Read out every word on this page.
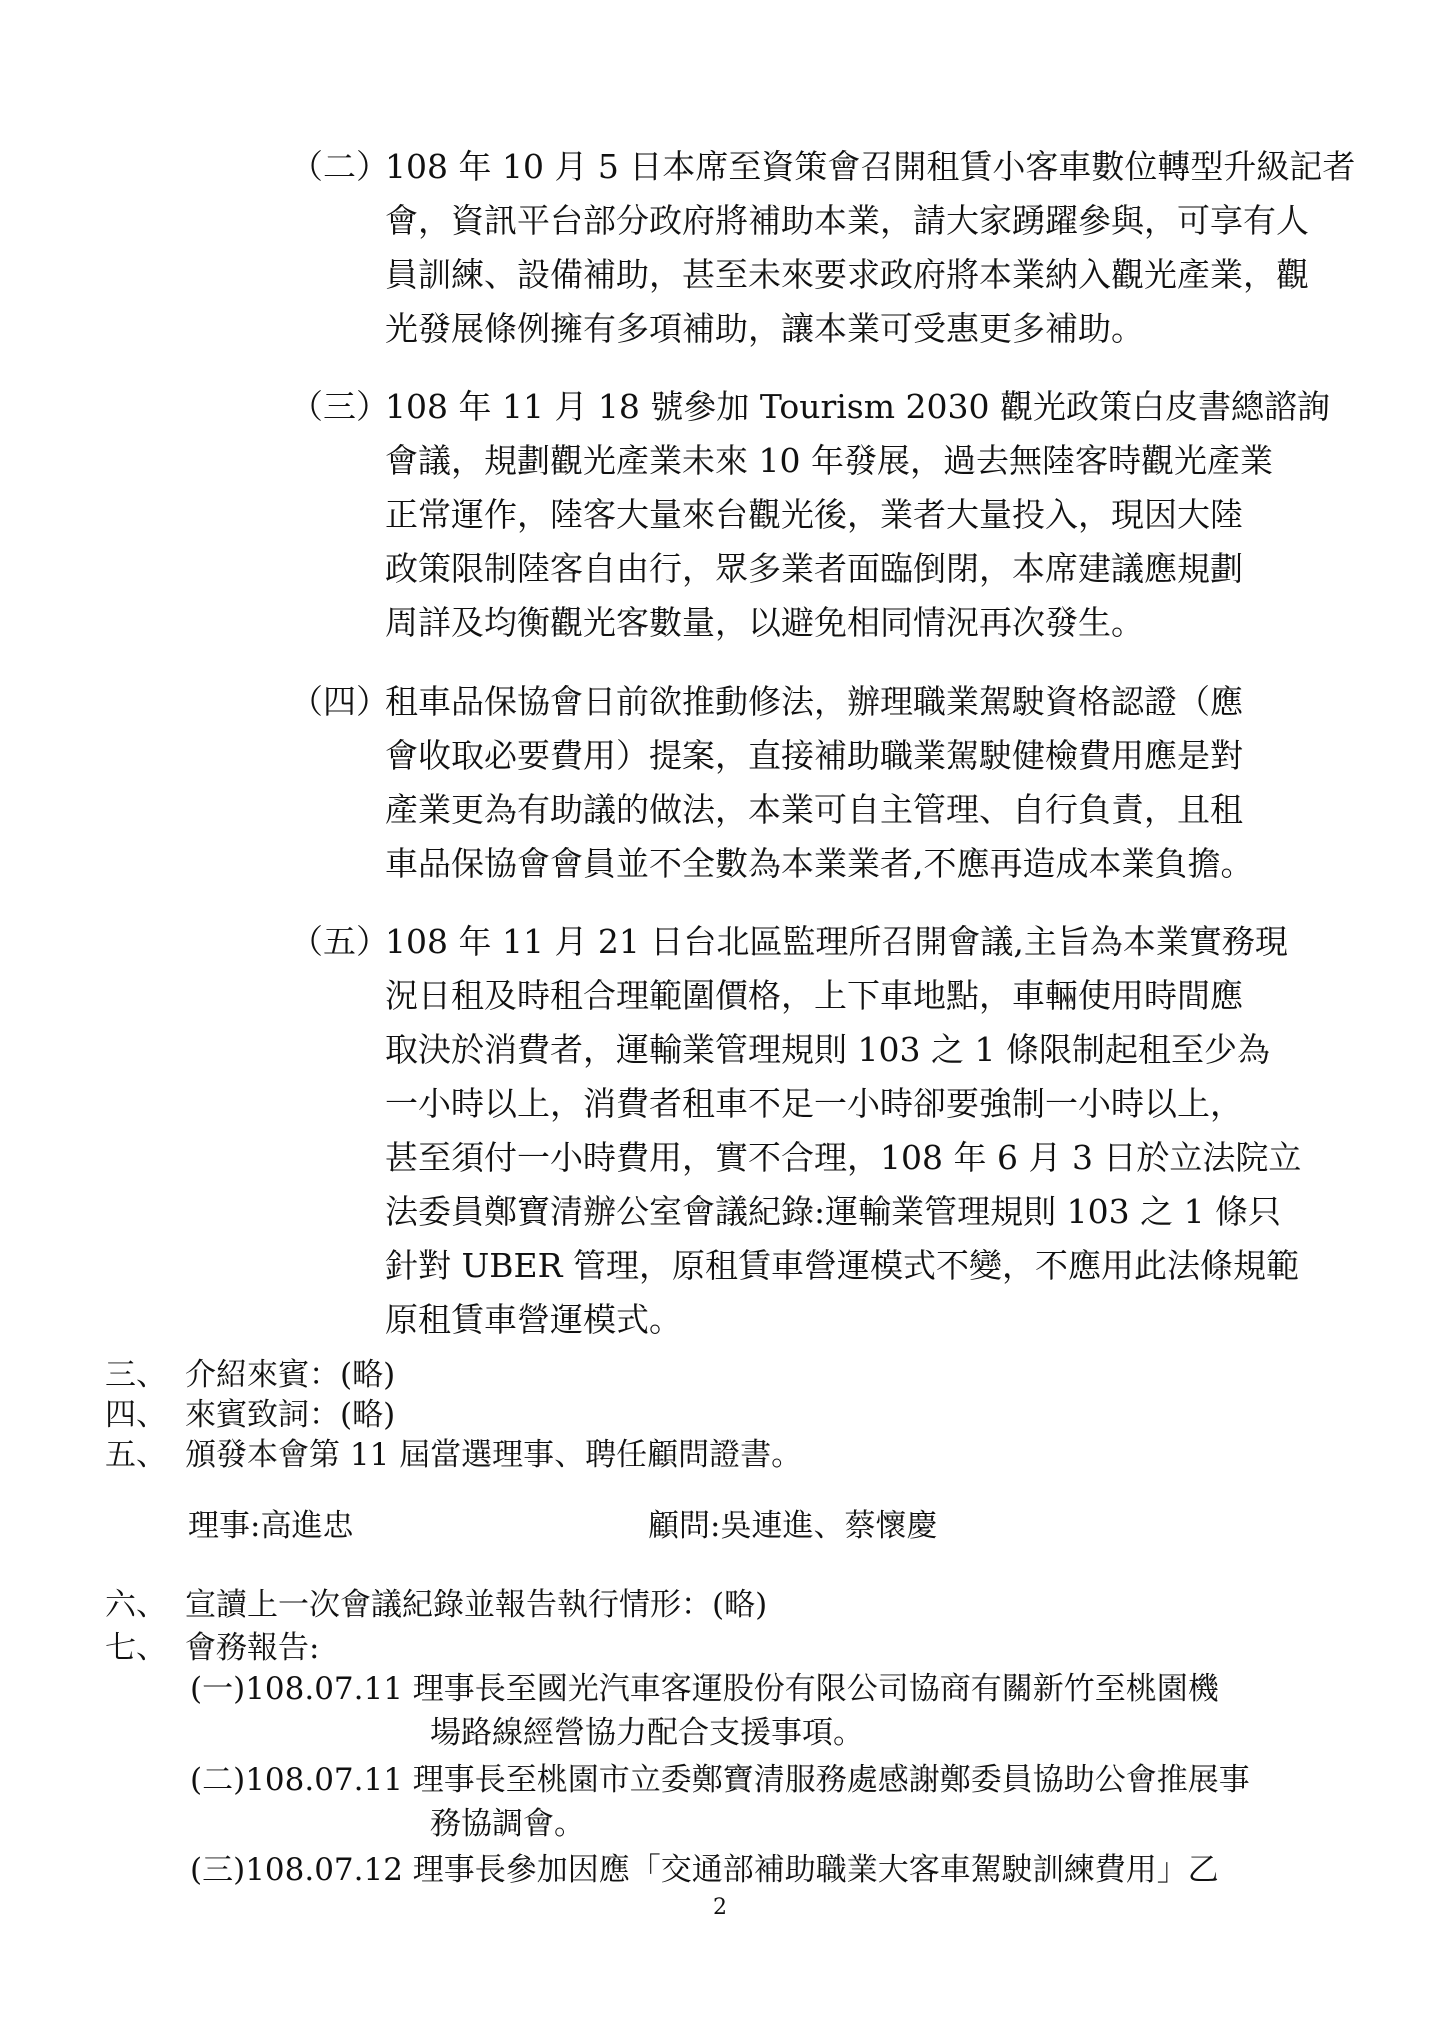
（二）
108 年 10 月 5 日本席至資策會召開租賃小客車數位轉型升級記者
會，資訊平台部分政府將補助本業，請大家踴躍參與，可享有人
員訓練、設備補助，甚至未來要求政府將本業納入觀光產業，觀
光發展條例擁有多項補助，讓本業可受惠更多補助。
（三）
108 年 11 月 18 號參加 Tourism 2030 觀光政策白皮書總諮詢
會議，規劃觀光產業未來 10 年發展，過去無陸客時觀光產業
正常運作，陸客大量來台觀光後，業者大量投入，現因大陸
政策限制陸客自由行，眾多業者面臨倒閉，本席建議應規劃
周詳及均衡觀光客數量，以避免相同情況再次發生。
（四）
租車品保協會日前欲推動修法，辦理職業駕駛資格認證（應
會收取必要費用）提案，直接補助職業駕駛健檢費用應是對
產業更為有助議的做法，本業可自主管理、自行負責，且租
車品保協會會員並不全數為本業業者,不應再造成本業負擔。
（五）
108 年 11 月 21 日台北區監理所召開會議,主旨為本業實務現
況日租及時租合理範圍價格，上下車地點，車輛使用時間應
取決於消費者，運輸業管理規則 103 之 1 條限制起租至少為
一小時以上，消費者租車不足一小時卻要強制一小時以上，
甚至須付一小時費用，實不合理，108 年 6 月 3 日於立法院立
法委員鄭寶清辦公室會議紀錄:運輸業管理規則 103 之 1 條只
針對 UBER 管理，原租賃車營運模式不變，不應用此法條規範
原租賃車營運模式。
三、 介紹來賓：(略)
四、 來賓致詞：(略)
五、 頒發本會第 11 屆當選理事、聘任顧問證書。
理事:高進忠	顧問:吳連進、蔡懷慶
六、 宣讀上一次會議紀錄並報告執行情形：(略)
七、 會務報告:
(一)108.07.11 理事長至國光汽車客運股份有限公司協商有關新竹至桃園機
場路線經營協力配合支援事項。
(二)108.07.11 理事長至桃園市立委鄭寶清服務處感謝鄭委員協助公會推展事
務協調會。
(三)108.07.12 理事長參加因應「交通部補助職業大客車駕駛訓練費用」乙
2
